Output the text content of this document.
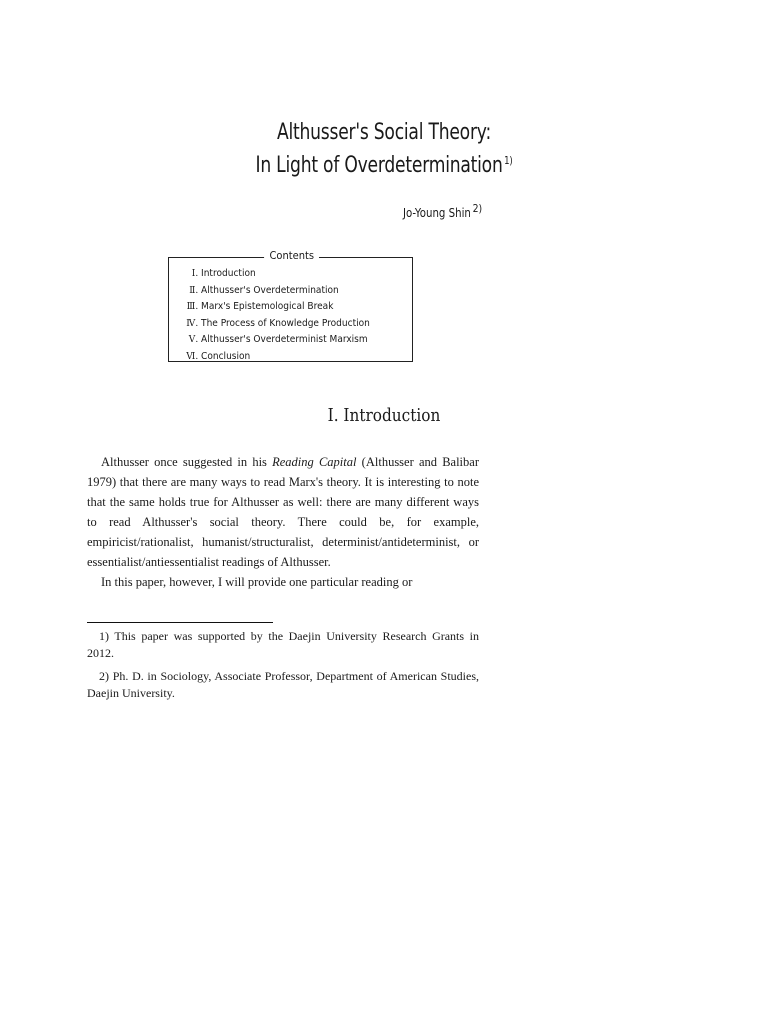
Althusser's Social Theory:
In Light of Overdetermination $^{1)}$
Jo-Young Shin $^{2)}$
Contents
Ⅰ. Introduction
Ⅱ. Althusser's Overdetermination
Ⅲ. Marx's Epistemological Break
Ⅳ. The Process of Knowledge Production
Ⅴ. Althusser's Overdeterminist Marxism
Ⅵ. Conclusion
I. Introduction

Althusser once suggested in his Reading Capital (Althusser and Balibar 1979) that there are many ways to read Marx's theory. It is interesting to note that the same holds true for Althusser as well: there are many different ways to read Althusser's social theory. There could be, for example, empiricist/rationalist, humanist/structuralist, determinist/antideterminist, or essentialist/antiessentialist readings of Althusser.

In this paper, however, I will provide one particular reading or

1) This paper was supported by the Daejin University Research Grants in 2012.

2) Ph. D. in Sociology, Associate Professor, Department of American Studies, Daejin University.
